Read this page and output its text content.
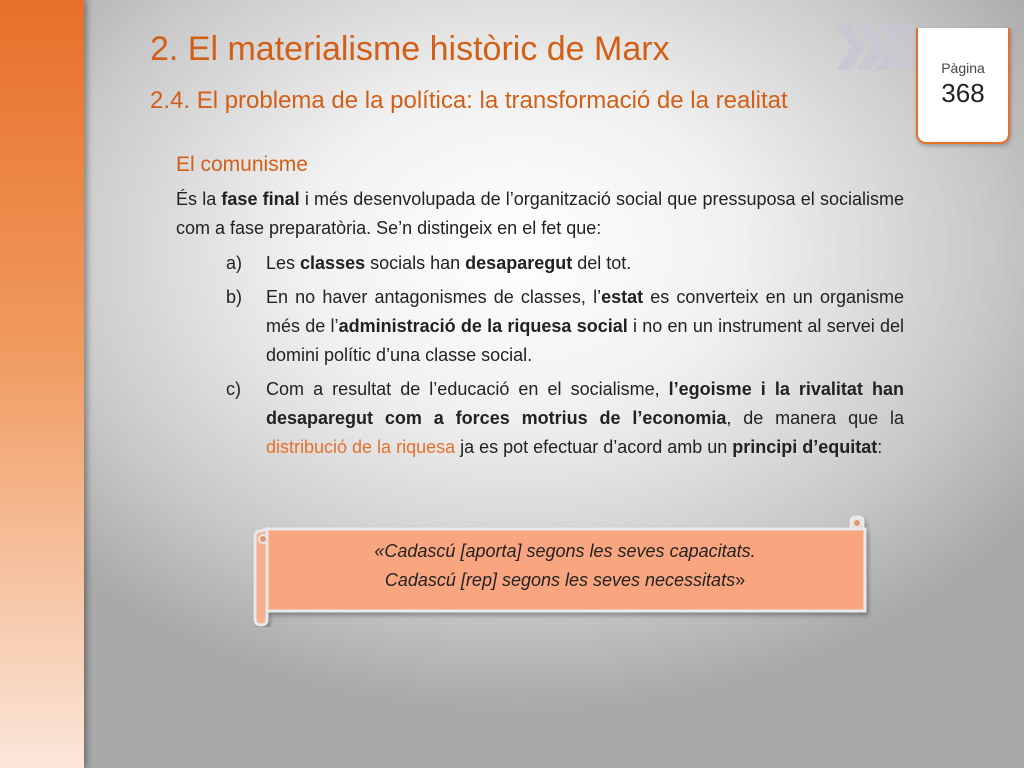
2. El materialisme històric de Marx
2.4. El problema de la política: la transformació de la realitat
Pàgina
368
El comunisme

És la fase final i més desenvolupada de l’organització social que pressuposa el socialisme com a fase preparatòria. Se’n distingeix en el fet que:

a)	Les classes socials han desaparegut del tot.
b)	En no haver antagonismes de classes, l’estat es converteix en un organisme més de l’administració de la riquesa social i no en un instrument al servei del domini polític d’una classe social.
c)	Com a resultat de l’educació en el socialisme, l’egoisme i la rivalitat han desaparegut com a forces motrius de l’economia, de manera que la distribució de la riquesa ja es pot efectuar d’acord amb un principi d’equitat:
«Cadascú [aporta] segons les seves capacitats.
Cadascú [rep] segons les seves necessitats»
